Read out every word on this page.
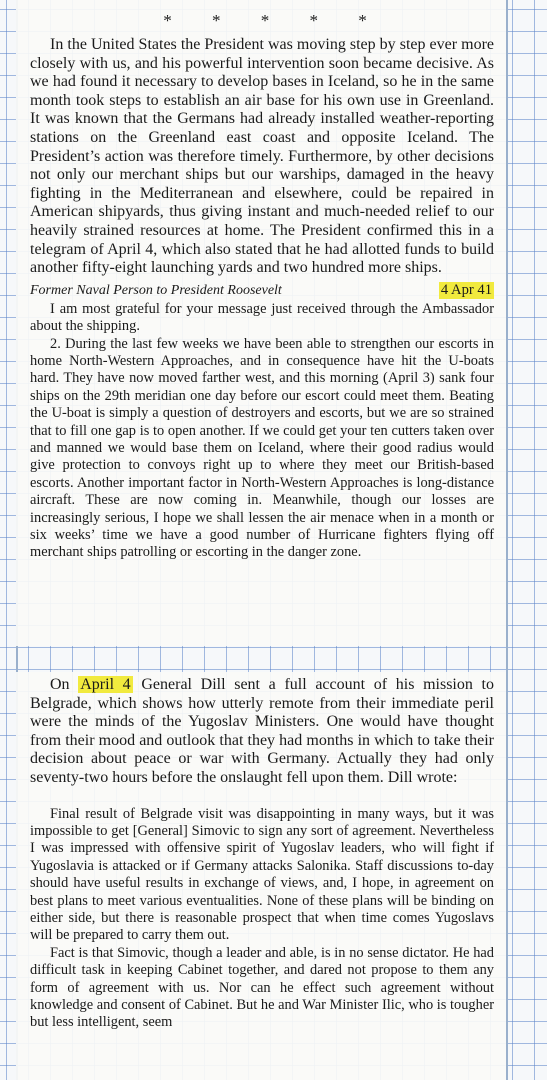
* * * * *

In the United States the President was moving step by step ever more closely with us, and his powerful intervention soon became decisive. As we had found it necessary to develop bases in Iceland, so he in the same month took steps to establish an air base for his own use in Greenland. It was known that the Germans had already installed weather-reporting stations on the Greenland east coast and opposite Iceland. The President’s action was therefore timely. Furthermore, by other decisions not only our merchant ships but our warships, damaged in the heavy fighting in the Mediterranean and elsewhere, could be repaired in American shipyards, thus giving instant and much-needed relief to our heavily strained resources at home. The President confirmed this in a telegram of April 4, which also stated that he had allotted funds to build another fifty-eight launching yards and two hundred more ships.

Former Naval Person to President Roosevelt	4 Apr 41

I am most grateful for your message just received through the Ambassador about the shipping.

2. During the last few weeks we have been able to strengthen our escorts in home North-Western Approaches, and in consequence have hit the U-boats hard. They have now moved farther west, and this morning (April 3) sank four ships on the 29th meridian one day before our escort could meet them. Beating the U-boat is simply a question of destroyers and escorts, but we are so strained that to fill one gap is to open another. If we could get your ten cutters taken over and manned we would base them on Iceland, where their good radius would give protection to convoys right up to where they meet our British-based escorts. Another important factor in North-Western Approaches is long-distance aircraft. These are now coming in. Meanwhile, though our losses are increasingly serious, I hope we shall lessen the air menace when in a month or six weeks’ time we have a good number of Hurricane fighters flying off merchant ships patrolling or escorting in the danger zone.

On April 4 General Dill sent a full account of his mission to Belgrade, which shows how utterly remote from their immediate peril were the minds of the Yugoslav Ministers. One would have thought from their mood and outlook that they had months in which to take their decision about peace or war with Germany. Actually they had only seventy-two hours before the onslaught fell upon them. Dill wrote:

Final result of Belgrade visit was disappointing in many ways, but it was impossible to get [General] Simovic to sign any sort of agreement. Nevertheless I was impressed with offensive spirit of Yugoslav leaders, who will fight if Yugoslavia is attacked or if Germany attacks Salonika. Staff discussions to-day should have useful results in exchange of views, and, I hope, in agreement on best plans to meet various eventualities. None of these plans will be binding on either side, but there is reasonable prospect that when time comes Yugoslavs will be prepared to carry them out.

Fact is that Simovic, though a leader and able, is in no sense dictator. He had difficult task in keeping Cabinet together, and dared not propose to them any form of agreement with us. Nor can he effect such agreement without knowledge and consent of Cabinet. But he and War Minister Ilic, who is tougher but less intelligent, seem
